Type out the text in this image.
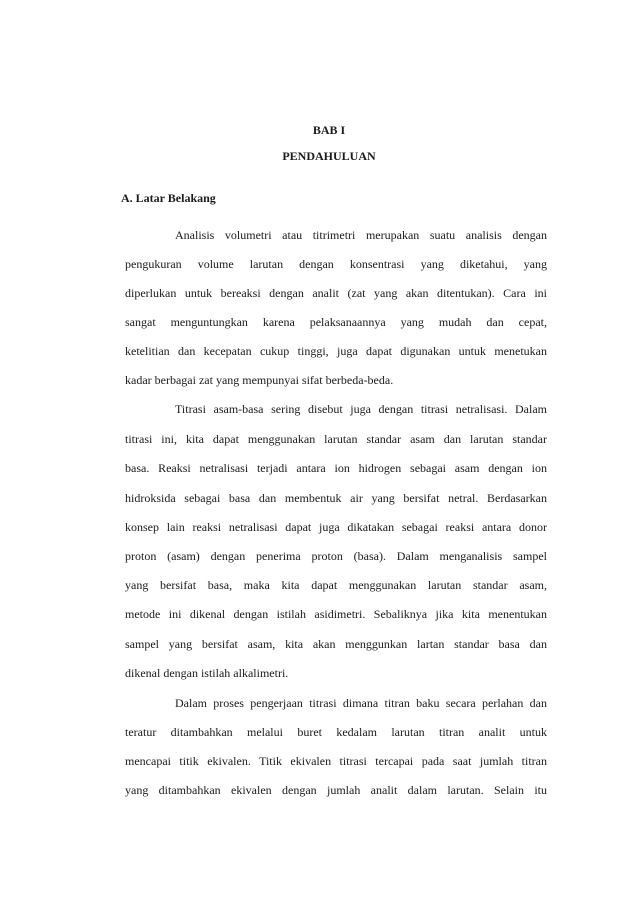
BAB I
PENDAHULUAN
A. Latar Belakang
Analisis volumetri atau titrimetri merupakan suatu analisis dengan
pengukuran volume larutan dengan konsentrasi yang diketahui, yang
diperlukan untuk bereaksi dengan analit (zat yang akan ditentukan). Cara ini
sangat menguntungkan karena pelaksanaannya yang mudah dan cepat,
ketelitian dan kecepatan cukup tinggi, juga dapat digunakan untuk menetukan
kadar berbagai zat yang mempunyai sifat berbeda-beda.
Titrasi asam-basa sering disebut juga dengan titrasi netralisasi. Dalam
titrasi ini, kita dapat menggunakan larutan standar asam dan larutan standar
basa. Reaksi netralisasi terjadi antara ion hidrogen sebagai asam dengan ion
hidroksida sebagai basa dan membentuk air yang bersifat netral. Berdasarkan
konsep lain reaksi netralisasi dapat juga dikatakan sebagai reaksi antara donor
proton (asam) dengan penerima proton (basa). Dalam menganalisis sampel
yang bersifat basa, maka kita dapat menggunakan larutan standar asam,
metode ini dikenal dengan istilah asidimetri. Sebaliknya jika kita menentukan
sampel yang bersifat asam, kita akan menggunkan lartan standar basa dan
dikenal dengan istilah alkalimetri.
Dalam proses pengerjaan titrasi dimana titran baku secara perlahan dan
teratur ditambahkan melalui buret kedalam larutan titran analit untuk
mencapai titik ekivalen. Titik ekivalen titrasi tercapai pada saat jumlah titran
yang ditambahkan ekivalen dengan jumlah analit dalam larutan. Selain itu
